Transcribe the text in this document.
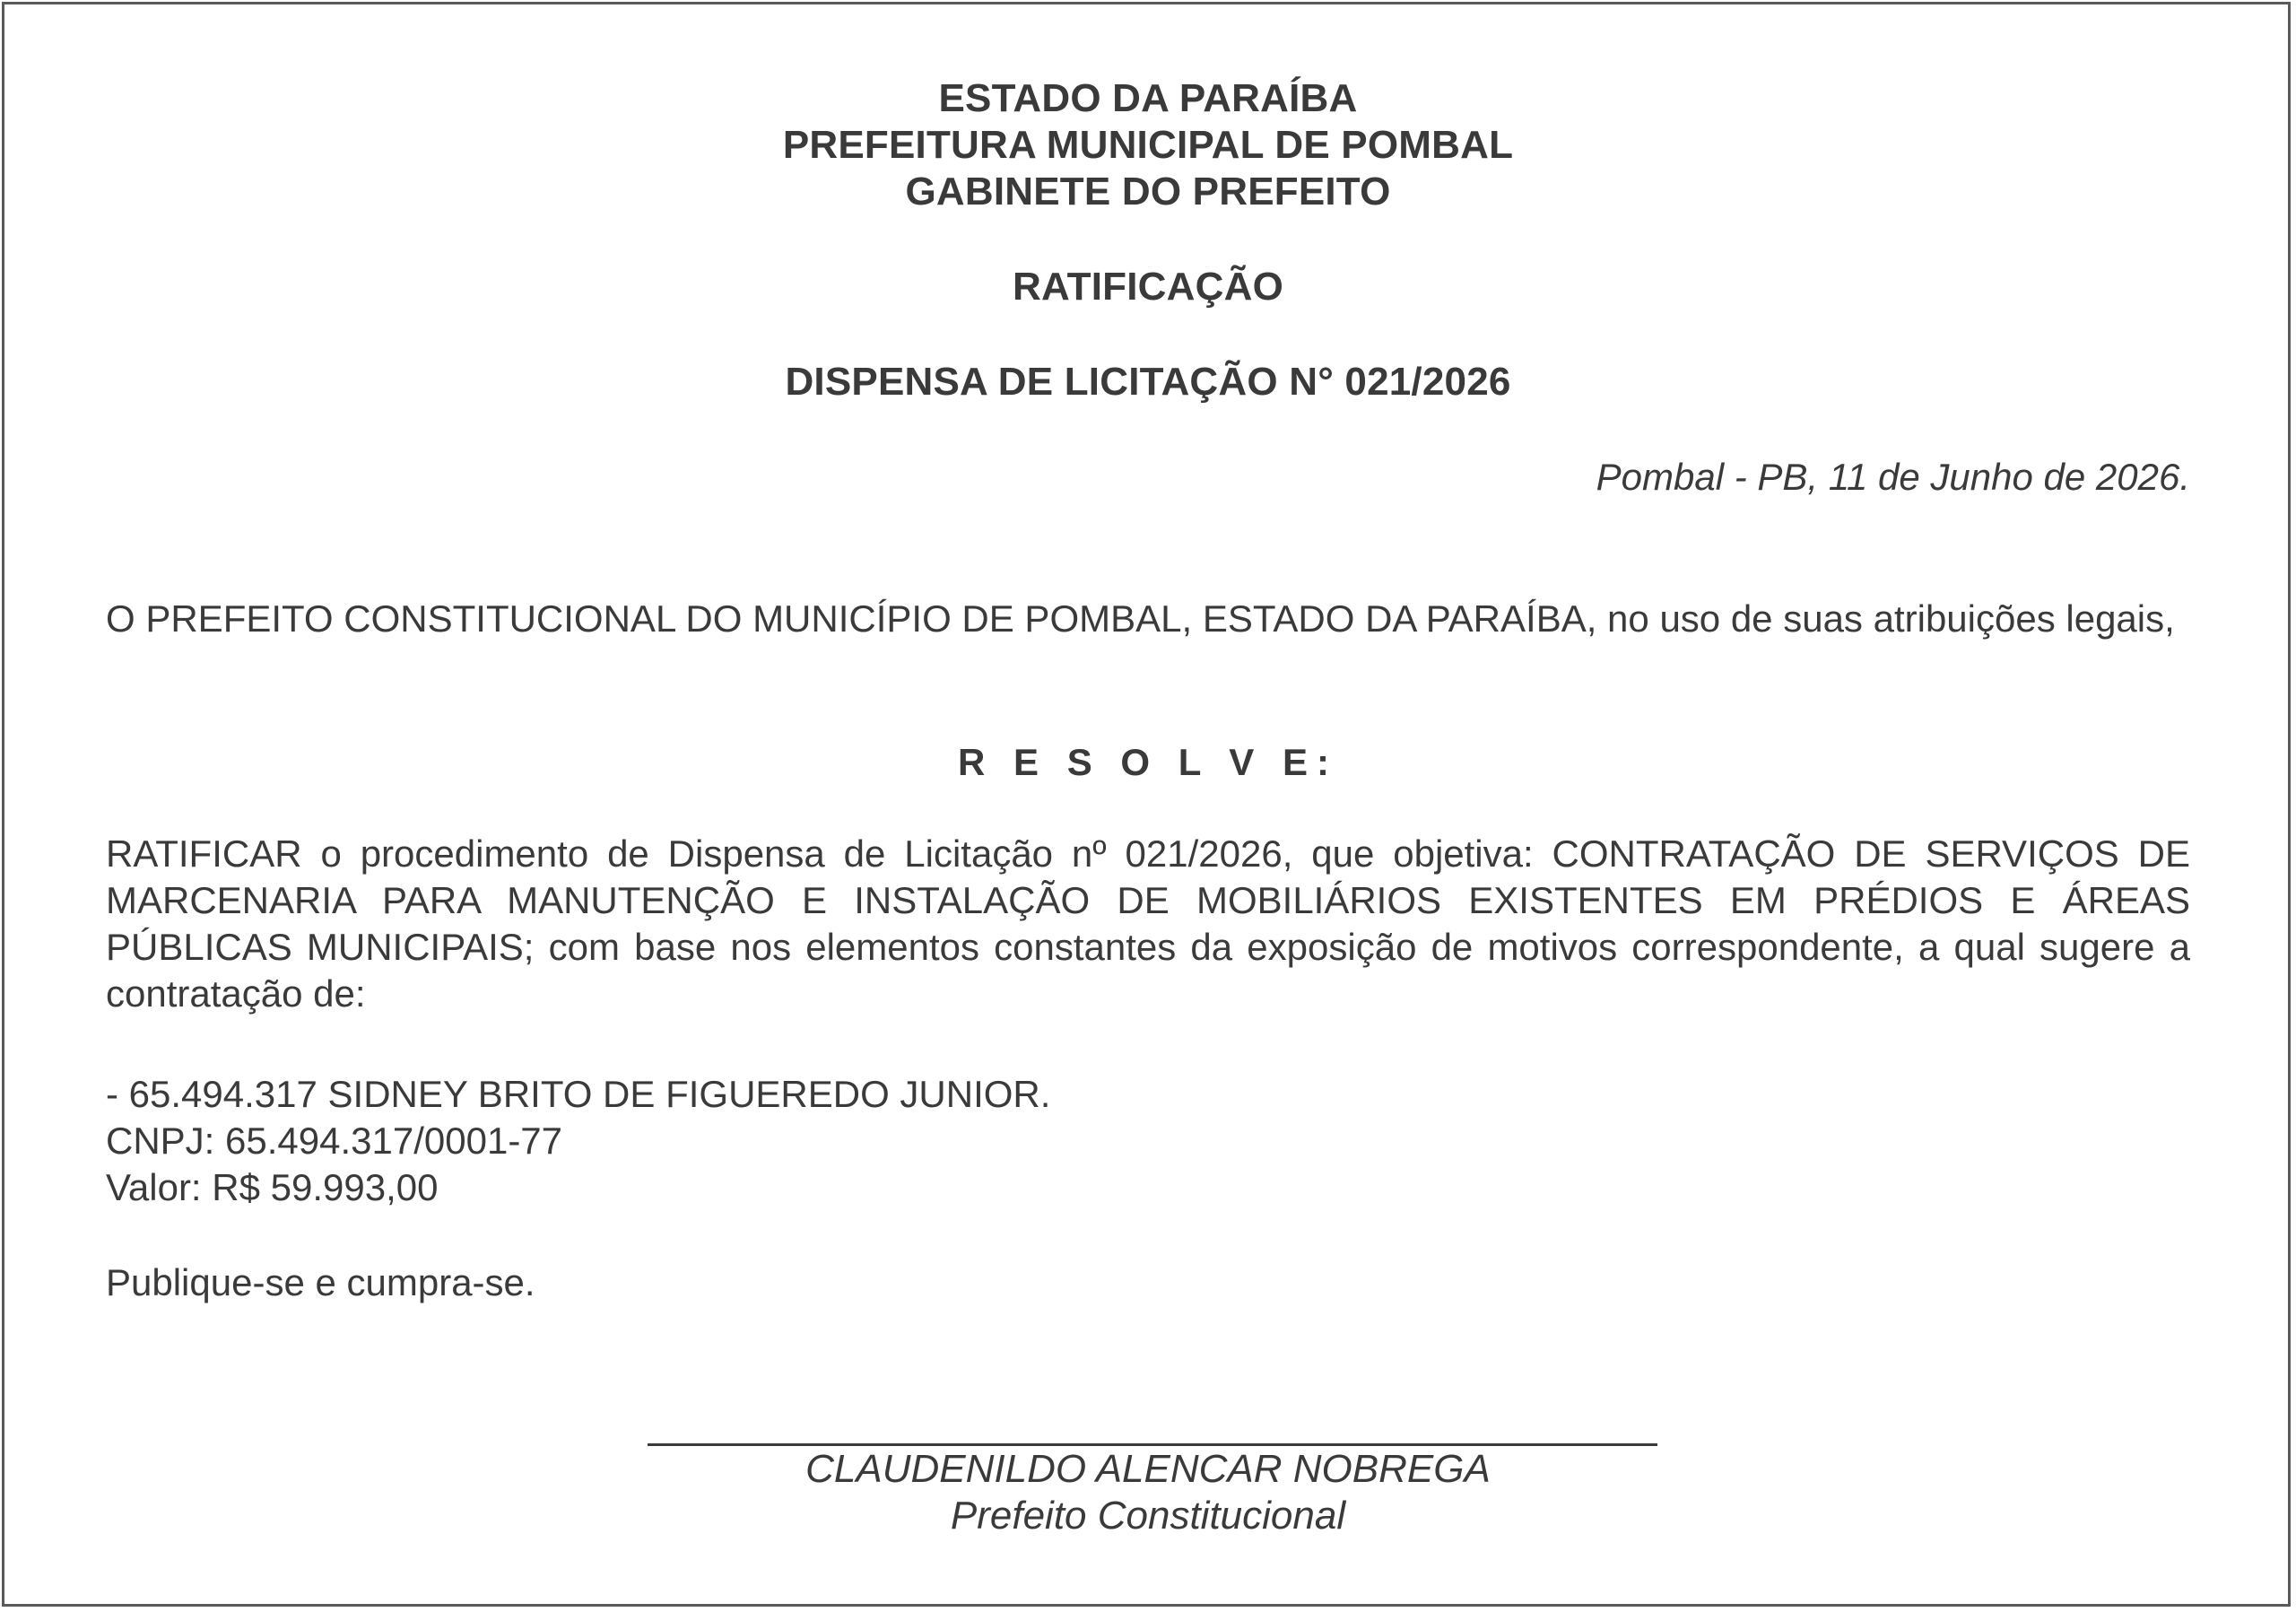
ESTADO DA PARAÍBA
PREFEITURA MUNICIPAL DE POMBAL
GABINETE DO PREFEITO
RATIFICAÇÃO
DISPENSA DE LICITAÇÃO N° 021/2026
Pombal - PB, 11 de Junho de 2026.
O PREFEITO CONSTITUCIONAL DO MUNICÍPIO DE POMBAL, ESTADO DA PARAÍBA, no uso de suas atribuições legais,
R E S O L V E:
RATIFICAR o procedimento de Dispensa de Licitação nº 021/2026, que objetiva: CONTRATAÇÃO DE SERVIÇOS DE MARCENARIA PARA MANUTENÇÃO E INSTALAÇÃO DE MOBILIÁRIOS EXISTENTES EM PRÉDIOS E ÁREAS PÚBLICAS MUNICIPAIS; com base nos elementos constantes da exposição de motivos correspondente, a qual sugere a contratação de:
- 65.494.317 SIDNEY BRITO DE FIGUEREDO JUNIOR.
CNPJ: 65.494.317/0001-77
Valor: R$ 59.993,00
Publique-se e cumpra-se.
CLAUDENILDO ALENCAR NOBREGA
Prefeito Constitucional
